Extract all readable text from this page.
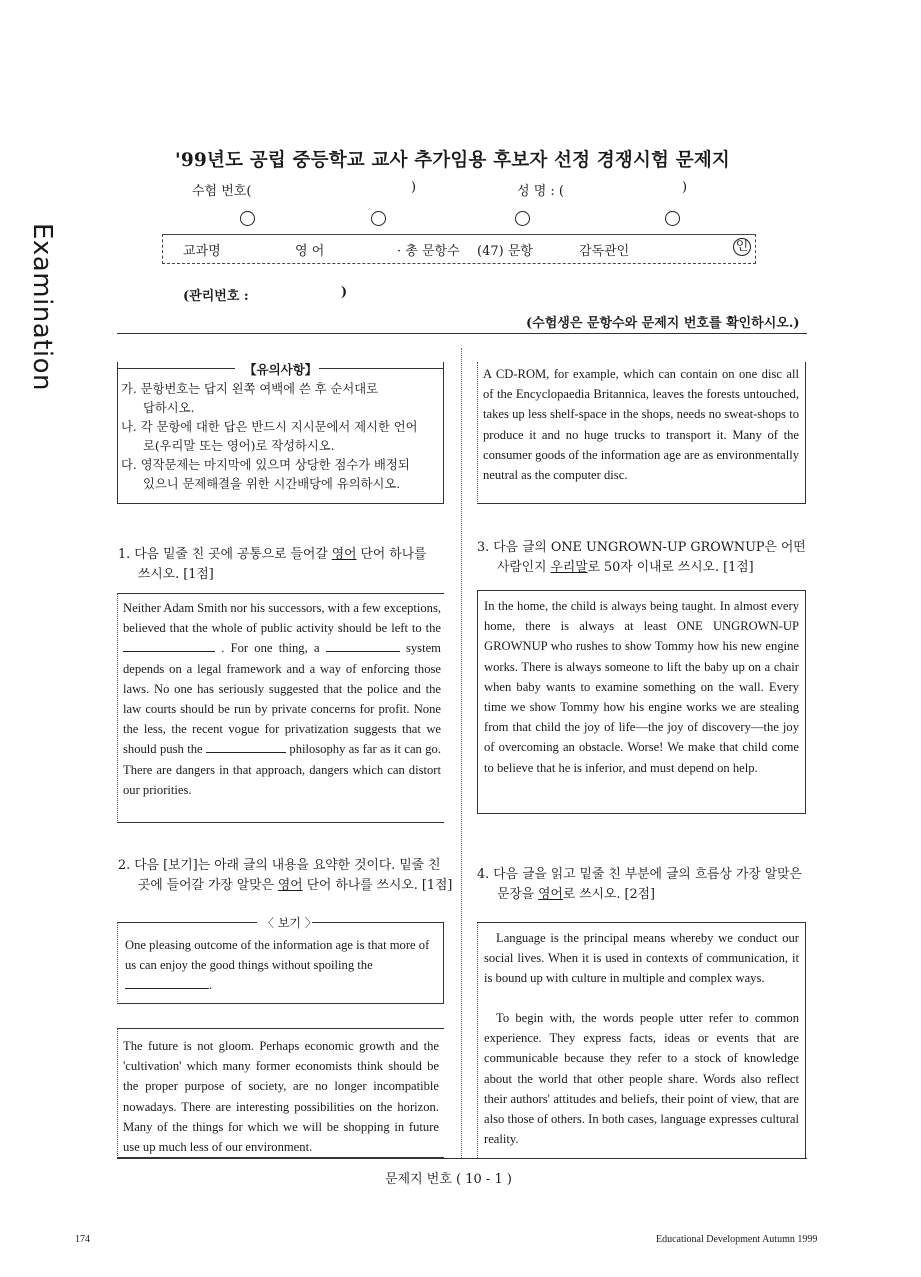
Examination
'99년도 공립 중등학교 교사 추가임용 후보자 선정 경쟁시험 문제지
수험 번호(	)	성 명 : (	)
교과명	영 어	· 총 문항수 (47) 문항	감독관인	인
(관리번호 :	)
(수험생은 문항수와 문제지 번호를 확인하시오.)
【유의사항】
가. 문항번호는 답지 왼쪽 여백에 쓴 후 순서대로
답하시오.
나. 각 문항에 대한 답은 반드시 지시문에서 제시한 언어
로(우리말 또는 영어)로 작성하시오.
다. 영작문제는 마지막에 있으며 상당한 점수가 배정되
있으니 문제해결을 위한 시간배당에 유의하시오.
1. 다음 밑줄 친 곳에 공통으로 들어갈 영어 단어 하나를
쓰시오. [1점]
Neither Adam Smith nor his successors, with a few exceptions, believed that the whole of public activity should be left to the  . For one thing, a	system depends on a legal framework and a way of enforcing those laws. No one has seriously suggested that the police and the law courts should be run by private concerns for profit. None the less, the recent vogue for privatization suggests that we should push the	philosophy as far as it can go. There are dangers in that approach, dangers which can distort our priorities.
2. 다음 [보기]는 아래 글의 내용을 요약한 것이다. 밑줄 친
곳에 들어갈 가장 알맞은 영어 단어 하나를 쓰시오. [1점]
〈 보기 〉
One pleasing outcome of the information age is that more of us can enjoy the good things without spoiling the .
The future is not gloom. Perhaps economic growth and the 'cultivation' which many former economists think should be the proper purpose of society, are no longer incompatible nowadays. There are interesting possibilities on the horizon. Many of the things for which we will be shopping in future use up much less of our environment.
A CD-ROM, for example, which can contain on one disc all of the Encyclopaedia Britannica, leaves the forests untouched, takes up less shelf-space in the shops, needs no sweat-shops to produce it and no huge trucks to transport it. Many of the consumer goods of the information age are as environmentally neutral as the computer disc.
3. 다음 글의 ONE UNGROWN-UP GROWNUP은 어떤
사람인지 우리말로 50자 이내로 쓰시오. [1점]
In the home, the child is always being taught. In almost every home, there is always at least ONE UNGROWN-UP GROWNUP who rushes to show Tommy how his new engine works. There is always someone to lift the baby up on a chair when baby wants to examine something on the wall. Every time we show Tommy how his engine works we are stealing from that child the joy of life—the joy of discovery—the joy of overcoming an obstacle. Worse! We make that child come to believe that he is inferior, and must depend on help.
4. 다음 글을 읽고 밑줄 친 부분에 글의 흐름상 가장 알맞은
문장을 영어로 쓰시오. [2점]
Language is the principal means whereby we conduct our social lives. When it is used in contexts of communication, it is bound up with culture in multiple and complex ways.
To begin with, the words people utter refer to common experience. They express facts, ideas or events that are communicable because they refer to a stock of knowledge about the world that other people share. Words also reflect their authors' attitudes and beliefs, their point of view, that are also those of others. In both cases, language expresses cultural reality.
문제지 번호 ( 10 - 1 )
174	Educational Development Autumn 1999
